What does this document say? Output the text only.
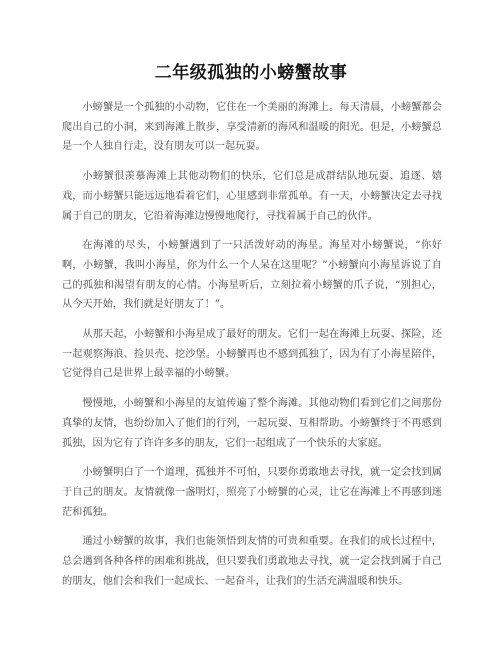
二年级孤独的小螃蟹故事

小螃蟹是一个孤独的小动物，它住在一个美丽的海滩上。每天清晨，小螃蟹都会爬出自己的小洞，来到海滩上散步，享受清新的海风和温暖的阳光。但是，小螃蟹总是一个人独自行走，没有朋友可以一起玩耍。

小螃蟹很羡慕海滩上其他动物们的快乐，它们总是成群结队地玩耍、追逐、嬉戏，而小螃蟹只能远远地看着它们，心里感到非常孤单。有一天，小螃蟹决定去寻找属于自己的朋友，它沿着海滩边慢慢地爬行，寻找着属于自己的伙伴。

在海滩的尽头，小螃蟹遇到了一只活泼好动的海星。海星对小螃蟹说，“你好啊，小螃蟹，我叫小海星，你为什么一个人呆在这里呢？”小螃蟹向小海星诉说了自己的孤独和渴望有朋友的心情。小海星听后，立刻拉着小螃蟹的爪子说，“别担心，从今天开始，我们就是好朋友了！”。

从那天起，小螃蟹和小海星成了最好的朋友。它们一起在海滩上玩耍、探险，还一起观察海浪、捡贝壳、挖沙堡。小螃蟹再也不感到孤独了，因为有了小海星陪伴，它觉得自己是世界上最幸福的小螃蟹。

慢慢地，小螃蟹和小海星的友谊传遍了整个海滩。其他动物们看到它们之间那份真挚的友情，也纷纷加入了他们的行列，一起玩耍、互相帮助。小螃蟹终于不再感到孤独，因为它有了许许多多的朋友，它们一起组成了一个快乐的大家庭。

小螃蟹明白了一个道理，孤独并不可怕，只要你勇敢地去寻找，就一定会找到属于自己的朋友。友情就像一盏明灯，照亮了小螃蟹的心灵，让它在海滩上不再感到迷茫和孤独。

通过小螃蟹的故事，我们也能领悟到友情的可贵和重要。在我们的成长过程中，总会遇到各种各样的困难和挑战，但只要我们勇敢地去寻找，就一定会找到属于自己的朋友，他们会和我们一起成长、一起奋斗，让我们的生活充满温暖和快乐。
